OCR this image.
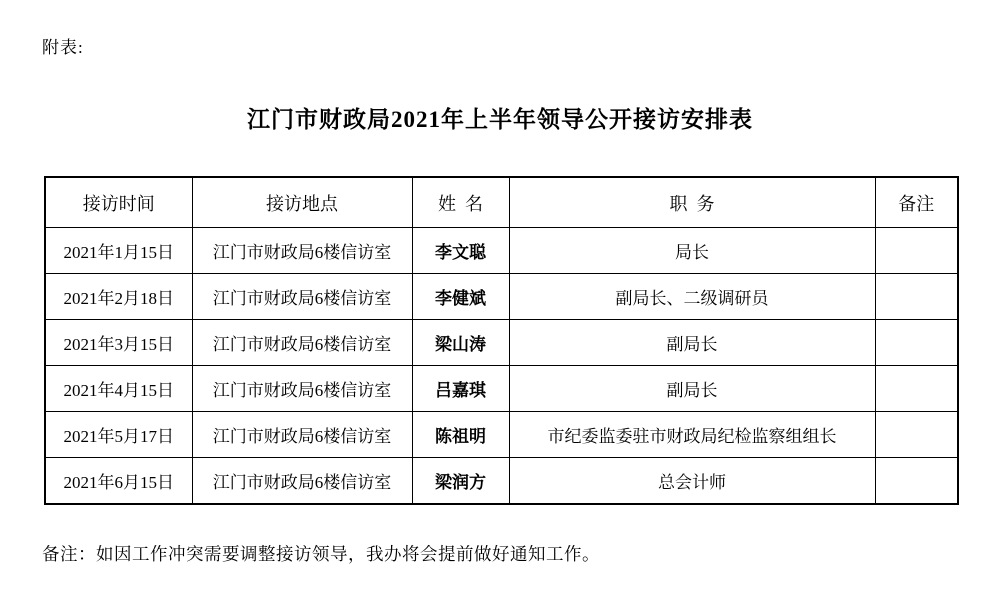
附表:
江门市财政局2021年上半年领导公开接访安排表
接访时间	接访地点	姓  名	职  务	备注
2021年1月15日	江门市财政局6楼信访室	李文聪	局长	
2021年2月18日	江门市财政局6楼信访室	李健斌	副局长、二级调研员	
2021年3月15日	江门市财政局6楼信访室	梁山涛	副局长	
2021年4月15日	江门市财政局6楼信访室	吕嘉琪	副局长	
2021年5月17日	江门市财政局6楼信访室	陈祖明	市纪委监委驻市财政局纪检监察组组长	
2021年6月15日	江门市财政局6楼信访室	梁润方	总会计师	
备注：如因工作冲突需要调整接访领导，我办将会提前做好通知工作。
